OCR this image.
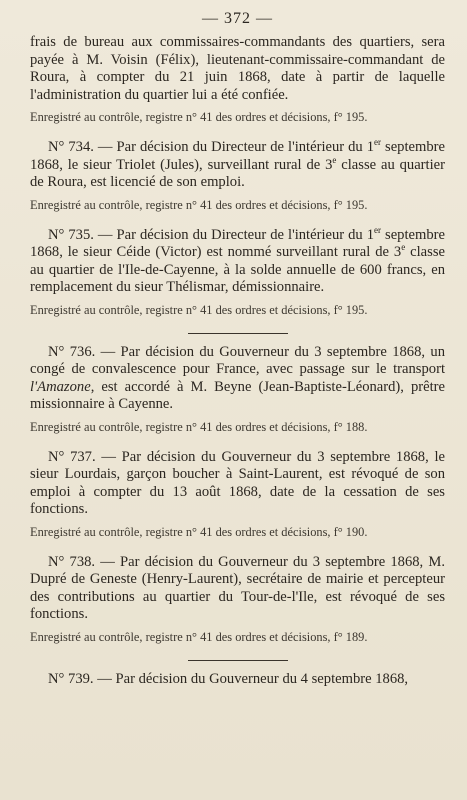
— 372 —

frais de bureau aux commissaires-commandants des quartiers, sera payée à M. Voisin (Félix), lieutenant-commissaire-commandant de Roura, à compter du 21 juin 1868, date à partir de laquelle l'administration du quartier lui a été confiée.

Enregistré au contrôle, registre n° 41 des ordres et décisions, f° 195.

N° 734. — Par décision du Directeur de l'intérieur du 1er septembre 1868, le sieur Triolet (Jules), surveillant rural de 3e classe au quartier de Roura, est licencié de son emploi.

Enregistré au contrôle, registre n° 41 des ordres et décisions, f° 195.

N° 735. — Par décision du Directeur de l'intérieur du 1er septembre 1868, le sieur Céide (Victor) est nommé surveillant rural de 3e classe au quartier de l'Ile-de-Cayenne, à la solde annuelle de 600 francs, en remplacement du sieur Thélismar, démissionnaire.

Enregistré au contrôle, registre n° 41 des ordres et décisions, f° 195.

N° 736. — Par décision du Gouverneur du 3 septembre 1868, un congé de convalescence pour France, avec passage sur le transport l'Amazone, est accordé à M. Beyne (Jean-Baptiste-Léonard), prêtre missionnaire à Cayenne.

Enregistré au contrôle, registre n° 41 des ordres et décisions, f° 188.

N° 737. — Par décision du Gouverneur du 3 septembre 1868, le sieur Lourdais, garçon boucher à Saint-Laurent, est révoqué de son emploi à compter du 13 août 1868, date de la cessation de ses fonctions.

Enregistré au contrôle, registre n° 41 des ordres et décisions, f° 190.

N° 738. — Par décision du Gouverneur du 3 septembre 1868, M. Dupré de Geneste (Henry-Laurent), secrétaire de mairie et percepteur des contributions au quartier du Tour-de-l'Ile, est révoqué de ses fonctions.

Enregistré au contrôle, registre n° 41 des ordres et décisions, f° 189.

N° 739. — Par décision du Gouverneur du 4 septembre 1868,
